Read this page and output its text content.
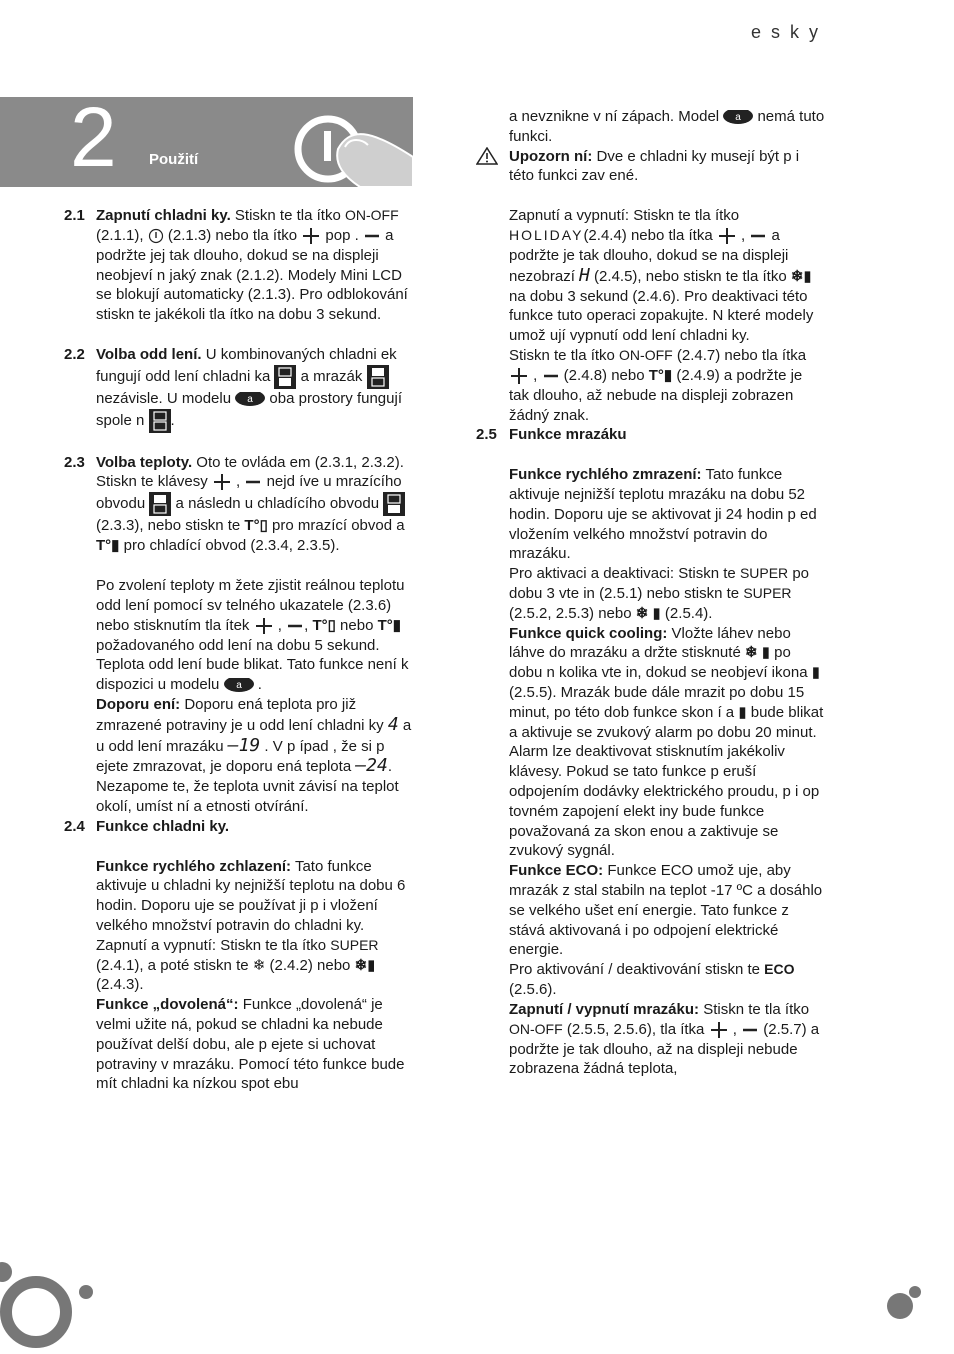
esky
2 Použití
2.1 Zapnutí chladni ky. Stiskn te tla ítko ON-OFF (2.1.1),  (2.1.3) nebo tla ítko  pop .  a podržte jej tak dlouho, dokud se na displeji neobjeví n jaký znak (2.1.2). Modely Mini LCD se blokují automaticky (2.1.3). Pro odblokování stiskn te jakékoli tla ítko na dobu 3 sekund.

2.2 Volba odd lení. U kombinovaných chladni ek fungují odd lení chladni ka  a mrazák  nezávisle. U modelu a oba prostory fungují spole n .

2.3 Volba teploty. Oto te ovláda em (2.3.1, 2.3.2). Stiskn te klávesy  ,  nejd íve u mrazícího obvodu  a následn u chladícího obvodu  (2.3.3), nebo stiskn te T°▯ pro mrazící obvod a T°▮ pro chladící obvod (2.3.4, 2.3.5).

Po zvolení teploty m žete zjistit reálnou teplotu odd lení pomocí sv telného ukazatele (2.3.6) nebo stisknutím tla ítek  , , T°▯ nebo T°▮ požadovaného odd lení na dobu 5 sekund. Teplota odd lení bude blikat. Tato funkce není k dispozici u modelu a .

Doporu ení: Doporu ená teplota pro již zmrazené potraviny je u odd lení chladni ky 4 a u odd lení mrazáku –19 . V p ípad , že si p ejete zmrazovat, je doporu ená teplota –24.

Nezapome te, že teplota uvnit závisí na teplot okolí, umíst ní a etnosti otvírání.

2.4 Funkce chladni ky.

Funkce rychlého zchlazení: Tato funkce aktivuje u chladni ky nejnižší teplotu na dobu 6 hodin. Doporu uje se používat ji p i vložení velkého množství potravin do chladni ky.

Zapnutí a vypnutí: Stiskn te tla ítko SUPER (2.4.1), a poté stiskn te ❄ (2.4.2) nebo ❄▮ (2.4.3).

Funkce „dovolená“: Funkce „dovolená“ je velmi užite ná, pokud se chladni ka nebude používat delší dobu, ale p ejete si uchovat potraviny v mrazáku. Pomocí této funkce bude mít chladni ka nízkou spot ebu

a nevznikne v ní zápach. Model a nemá tuto funkci.

Upozorn ní: Dve e chladni ky musejí být p i této funkci zav ené.

Zapnutí a vypnutí: Stiskn te tla ítko HOLIDAY(2.4.4) nebo tla ítka  ,  a podržte je tak dlouho, dokud se na displeji nezobrazí H (2.4.5), nebo stiskn te tla ítko ❄▮ na dobu 3 sekund (2.4.6). Pro deaktivaci této funkce tuto operaci zopakujte. N které modely umož ují vypnutí odd lení chladni ky.

Stiskn te tla ítko ON-OFF (2.4.7) nebo tla ítka  ,  (2.4.8) nebo T°▮ (2.4.9) a podržte je tak dlouho, až nebude na displeji zobrazen žádný znak.

2.5 Funkce mrazáku

Funkce rychlého zmrazení: Tato funkce aktivuje nejnižší teplotu mrazáku na dobu 52 hodin. Doporu uje se aktivovat ji 24 hodin p ed vložením velkého množství potravin do mrazáku.

Pro aktivaci a deaktivaci: Stiskn te SUPER po dobu 3 vte in (2.5.1) nebo stiskn te SUPER (2.5.2, 2.5.3) nebo ❄ ▮ (2.5.4).

Funkce quick cooling: Vložte láhev nebo láhve do mrazáku a držte stisknuté ❄ ▮ po dobu n kolika vte in, dokud se neobjeví ikona ▮ (2.5.5). Mrazák bude dále mrazit po dobu 15 minut, po této dob funkce skon í a ▮ bude blikat a aktivuje se zvukový alarm po dobu 20 minut. Alarm lze deaktivovat stisknutím jakékoliv klávesy. Pokud se tato funkce p eruší odpojením dodávky elektrického proudu, p i op tovném zapojení elekt iny bude funkce považovaná za skon enou a zaktivuje se zvukový sygnál.

Funkce ECO: Funkce ECO umož uje, aby mrazák z stal stabiln na teplot -17 ºC a dosáhlo se velkého ušet ení energie. Tato funkce z stává aktivovaná i po odpojení elektrické energie.

Pro aktivování / deaktivování stiskn te ECO (2.5.6).

Zapnutí / vypnutí mrazáku: Stiskn te tla ítko ON-OFF (2.5.5, 2.5.6), tla ítka  ,  (2.5.7) a podržte je tak dlouho, až na displeji nebude zobrazena žádná teplota,
